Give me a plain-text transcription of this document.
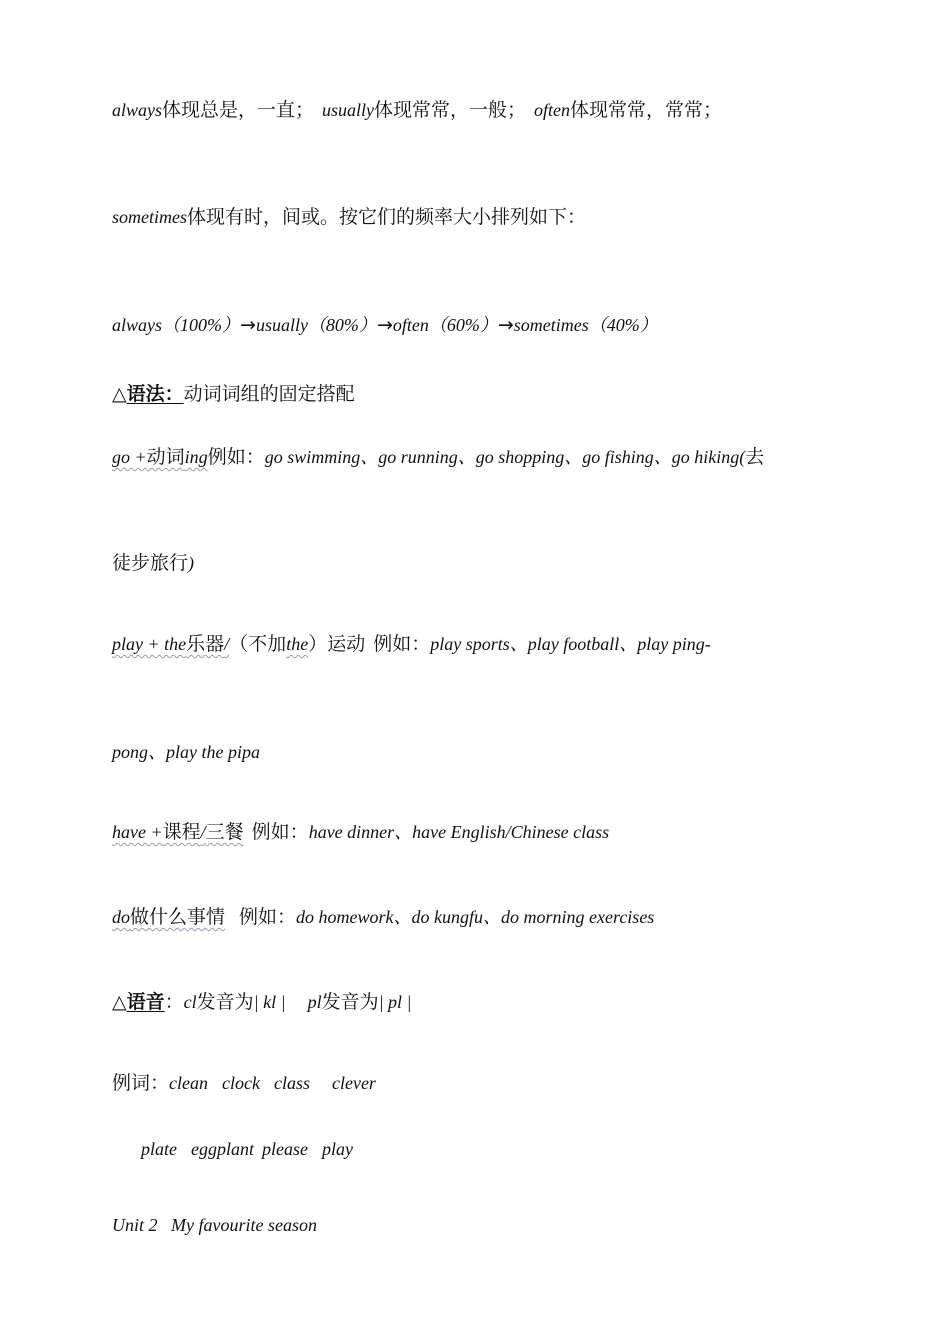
always体现总是，一直； usually体现常常，一般； often体现常常，常常；
sometimes体现有时，间或。按它们的频率大小排列如下：
always（100%）→usually（80%）→often（60%）→sometimes（40%）
△语法：动词词组的固定搭配
go +动词ing例如：go swimming、go running、go shopping、go fishing、go hiking(去
徒步旅行)
play + the乐器/（不加the）运动 例如：play sports、play football、play ping-
pong、play the pipa
have +课程/三餐 例如：have dinner、have English/Chinese class
do做什么事情 例如：do homework、do kungfu、do morning exercises
△语音：cl发音为| kl | pl发音为| pl |
例词：clean clock class clever
plate eggplant please play
Unit 2   My favourite season
